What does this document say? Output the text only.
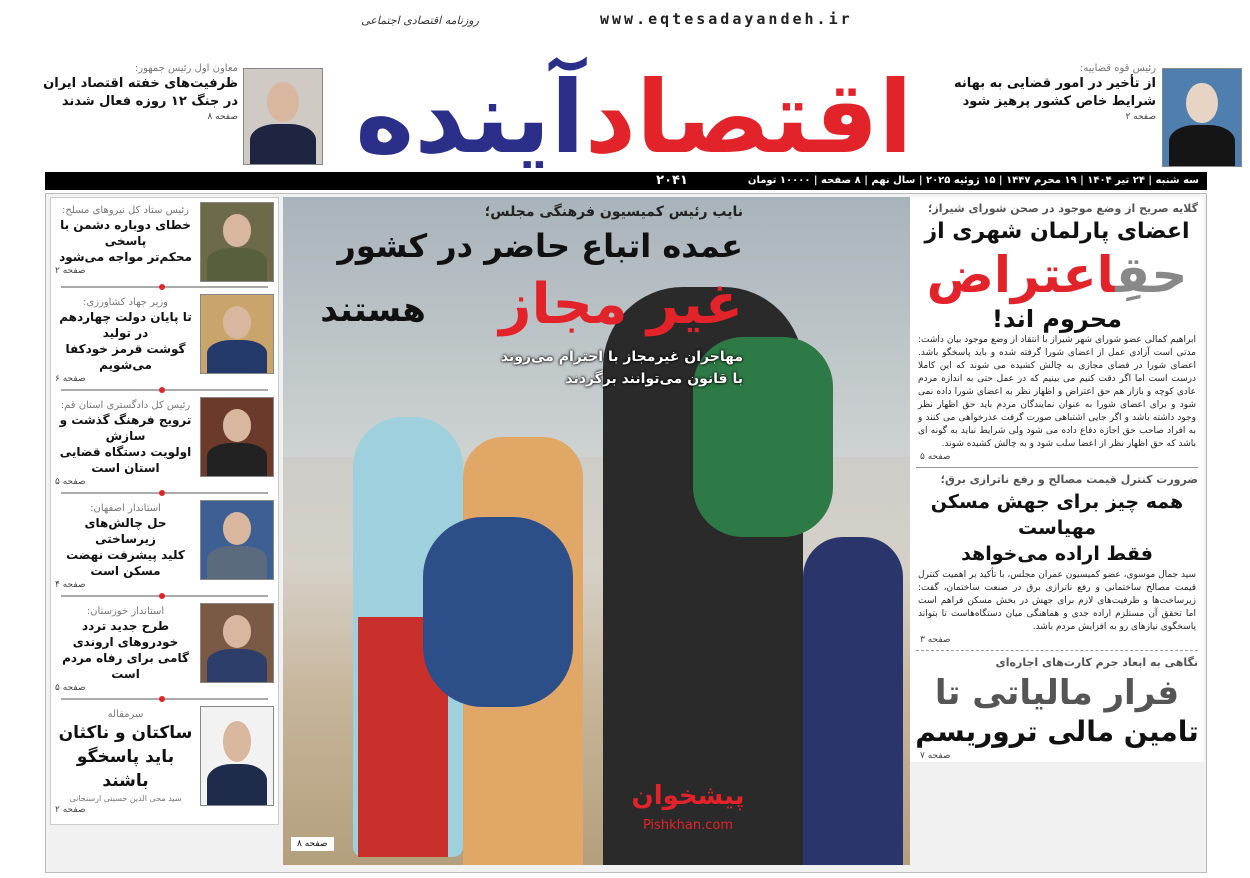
www.eqtesadayandeh.ir
روزنامه اقتصادی اجتماعی
اقتصاد
آینده
معاون اول رئیس جمهور:
ظرفیت‌های خفته اقتصاد ایران
در جنگ ۱۲ روزه فعال شدند
صفحه ۸
رئیس قوه قضاییه:
از تأخیر در امور قضایی به بهانه
شرایط خاص کشور پرهیز شود
صفحه ۲
سه شنبه | ۲۴ تیر ۱۴۰۴ | ۱۹ محرم ۱۴۴۷ | ۱۵ ژوئیه ۲۰۲۵ | سال نهم | ۸ صفحه | ۱۰۰۰۰ تومان
۲۰۴۱
رئیس ستاد کل نیروهای مسلح:
خطای دوباره دشمن با پاسخی
محکم‌تر مواجه می‌شود
صفحه ۲
وزیر جهاد کشاورزی:
تا پایان دولت چهاردهم در تولید
گوشت قرمز خودکفا می‌شویم
صفحه ۶
رئیس کل دادگستری استان قم:
ترویج فرهنگ گذشت و سازش
اولویت دستگاه قضایی استان است
صفحه ۵
استاندار اصفهان:
حل چالش‌های زیرساختی
کلید پیشرفت نهضت مسکن است
صفحه ۴
استاندار خوزستان:
طرح جدید تردد خودروهای اروندی
گامی برای رفاه مردم است
صفحه ۵
سرمقاله
ساکتان و ناکثان
باید پاسخگو باشند
سید محی الدین حسینی ارسنجانی
صفحه ۲
نایب رئیس کمیسیون فرهنگی مجلس؛
عمده اتباع حاضر در کشور
غیر مجاز
هستند
مهاجران غیرمجاز با احترام می‌روند
با قانون می‌توانند برگردند
پیشخوان
Pishkhan.com
صفحه ۸
گلایه صریح از وضع موجود در صحن شورای شیراز؛
اعضای پارلمان شهری از
حقِاعتراض
محروم اند!
ابراهیم کمالی عضو شورای شهر شیراز با انتقاد از وضع موجود بیان داشت: مدتی است آزادی عمل از اعضای شورا گرفته شده و باید پاسخگو باشد. اعضای شورا در فضای مجازی به چالش کشیده می شوند که این کاملا درست است اما اگر دقت کنیم می بینیم که در عمل حتی به اندازه مردم عادی کوچه و بازار هم حق اعتراض و اظهار نظر به اعضای شورا داده نمی شود و برای اعضای شورا به عنوان نمایندگان مردم باید حق اظهار نظر وجود داشته باشد و اگر جایی اشتباهی صورت گرفت عذرخواهی می کنند و به افراد صاحب حق اجازه دفاع داده می شود ولی شرایط نباید به گونه ای باشد که حق اظهار نظر از اعضا سلب شود و به چالش کشیده شوند.
صفحه ۵
ضرورت کنترل قیمت مصالح و رفع ناترازی برق؛
همه چیز برای جهش مسکن مهیاست
فقط اراده می‌خواهد
سید جمال موسوی، عضو کمیسیون عمران مجلس، با تأکید بر اهمیت کنترل قیمت مصالح ساختمانی و رفع ناترازی برق در صنعت ساختمان، گفت: زیرساخت‌ها و ظرفیت‌های لازم برای جهش در بخش مسکن فراهم است اما تحقق آن مستلزم اراده جدی و هماهنگی میان دستگاه‌هاست تا بتواند پاسخگوی نیازهای رو به افزایش مردم باشد.
صفحه ۳
نگاهی به ابعاد جرم کارت‌های اجاره‌ای
فرار مالیاتی تا
تامین مالی تروریسم
صفحه ۷
